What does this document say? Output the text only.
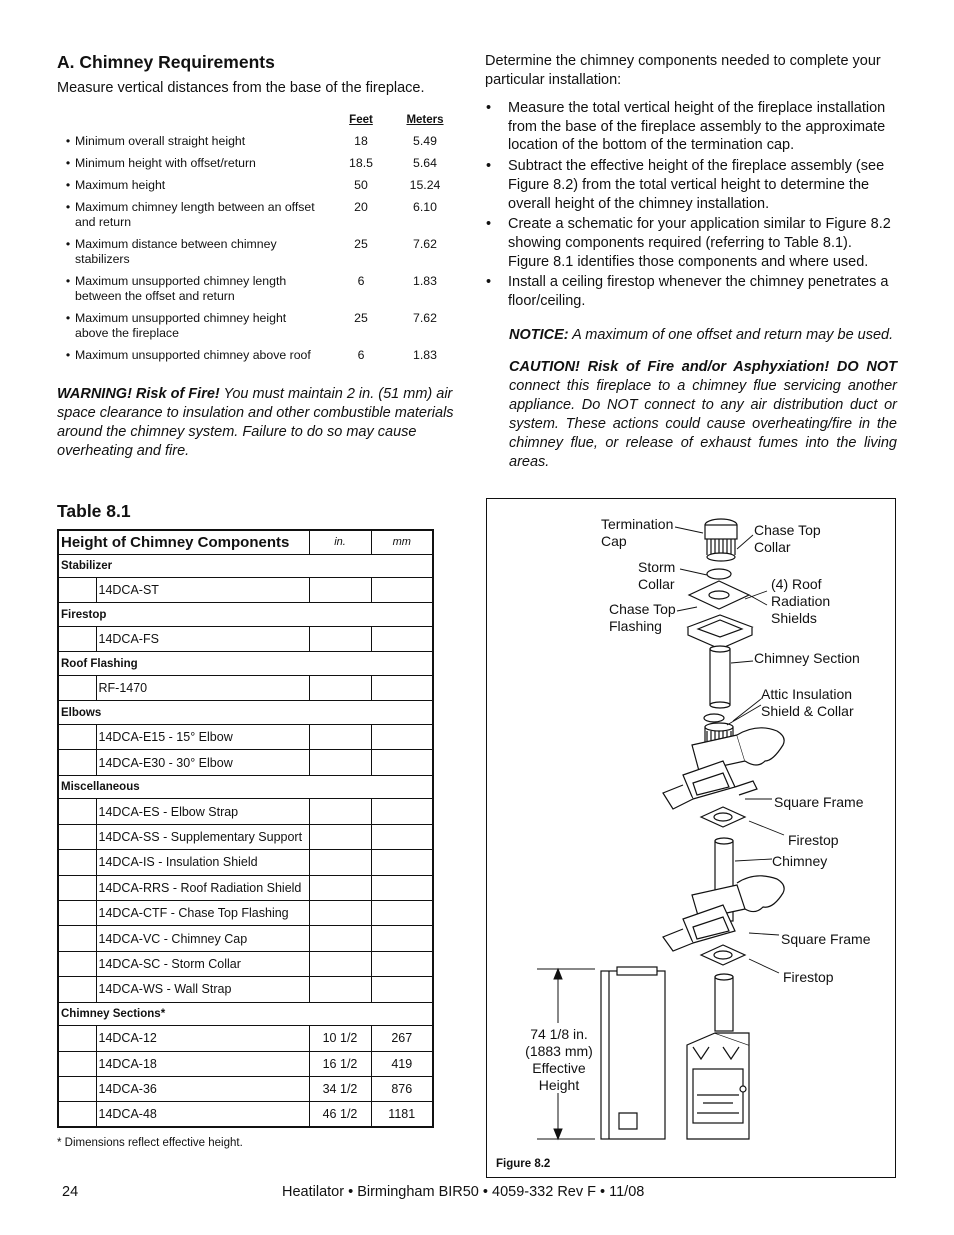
A. Chimney Requirements

Measure vertical distances from the base of the fireplace.

Feet	Meters
• Minimum overall straight height	18	5.49
• Minimum height with offset/return	18.5	5.64
• Maximum height	50	15.24
• Maximum chimney length between an offset and return
20	6.10
• Maximum distance between chimney stabilizers
25	7.62
• Maximum unsupported chimney length between the offset and return
6	1.83
• Maximum unsupported chimney height above the fireplace
25	7.62
• Maximum unsupported chimney above roof	6	1.83

WARNING! Risk of Fire! You must maintain 2 in. (51 mm) air space clearance to insulation and other combustible materials around the chimney system. Failure to do so may cause overheating and fire.

Table 8.1
Height of Chimney Components		in.	mm
Stabilizer			
	14DCA-ST		
Firestop			
	14DCA-FS		
Roof Flashing			
	RF-1470		
Elbows			
	14DCA-E15 - 15° Elbow		
	14DCA-E30 - 30° Elbow		
Miscellaneous			
	14DCA-ES - Elbow Strap		
	14DCA-SS - Supplementary Support		
	14DCA-IS - Insulation Shield		
	14DCA-RRS - Roof Radiation Shield		
	14DCA-CTF - Chase Top Flashing		
	14DCA-VC - Chimney Cap		
	14DCA-SC - Storm Collar		
	14DCA-WS - Wall Strap		
Chimney Sections*			
	14DCA-12	10 1/2	267
	14DCA-18	16 1/2	419
	14DCA-36	34 1/2	876
	14DCA-48	46 1/2	1181
* Dimensions reflect effective height.

Determine the chimney components needed to complete your particular installation:

• Measure the total vertical height of the fireplace installation from the base of the fireplace assembly to the approximate location of the bottom of the termination cap.
• Subtract the effective height of the fireplace assembly (see Figure 8.2) from the total vertical height to determine the overall height of the chimney installation.
• Create a schematic for your application similar to Figure 8.2 showing components required (referring to Table 8.1). Figure 8.1 identifies those components and where used.
• Install a ceiling firestop whenever the chimney penetrates a floor/ceiling.

NOTICE: A maximum of one offset and return may be used.

CAUTION! Risk of Fire and/or Asphyxiation! DO NOT connect this fireplace to a chimney flue servicing another appliance. Do NOT connect to any air distribution duct or system. These actions could cause overheating/fire in the chimney flue, or release of exhaust fumes into the living areas.

Termination Cap
Chase Top Collar
Storm Collar	(4) Roof Radiation Shields
Chase Top Flashing
Chimney Section
Attic Insulation Shield & Collar
Square Frame
Firestop
Chimney
Square Frame
Firestop
74 1/8 in.
(1883 mm)
Effective
Height
Figure 8.2
24	Heatilator • Birmingham BIR50 • 4059-332 Rev F • 11/08
